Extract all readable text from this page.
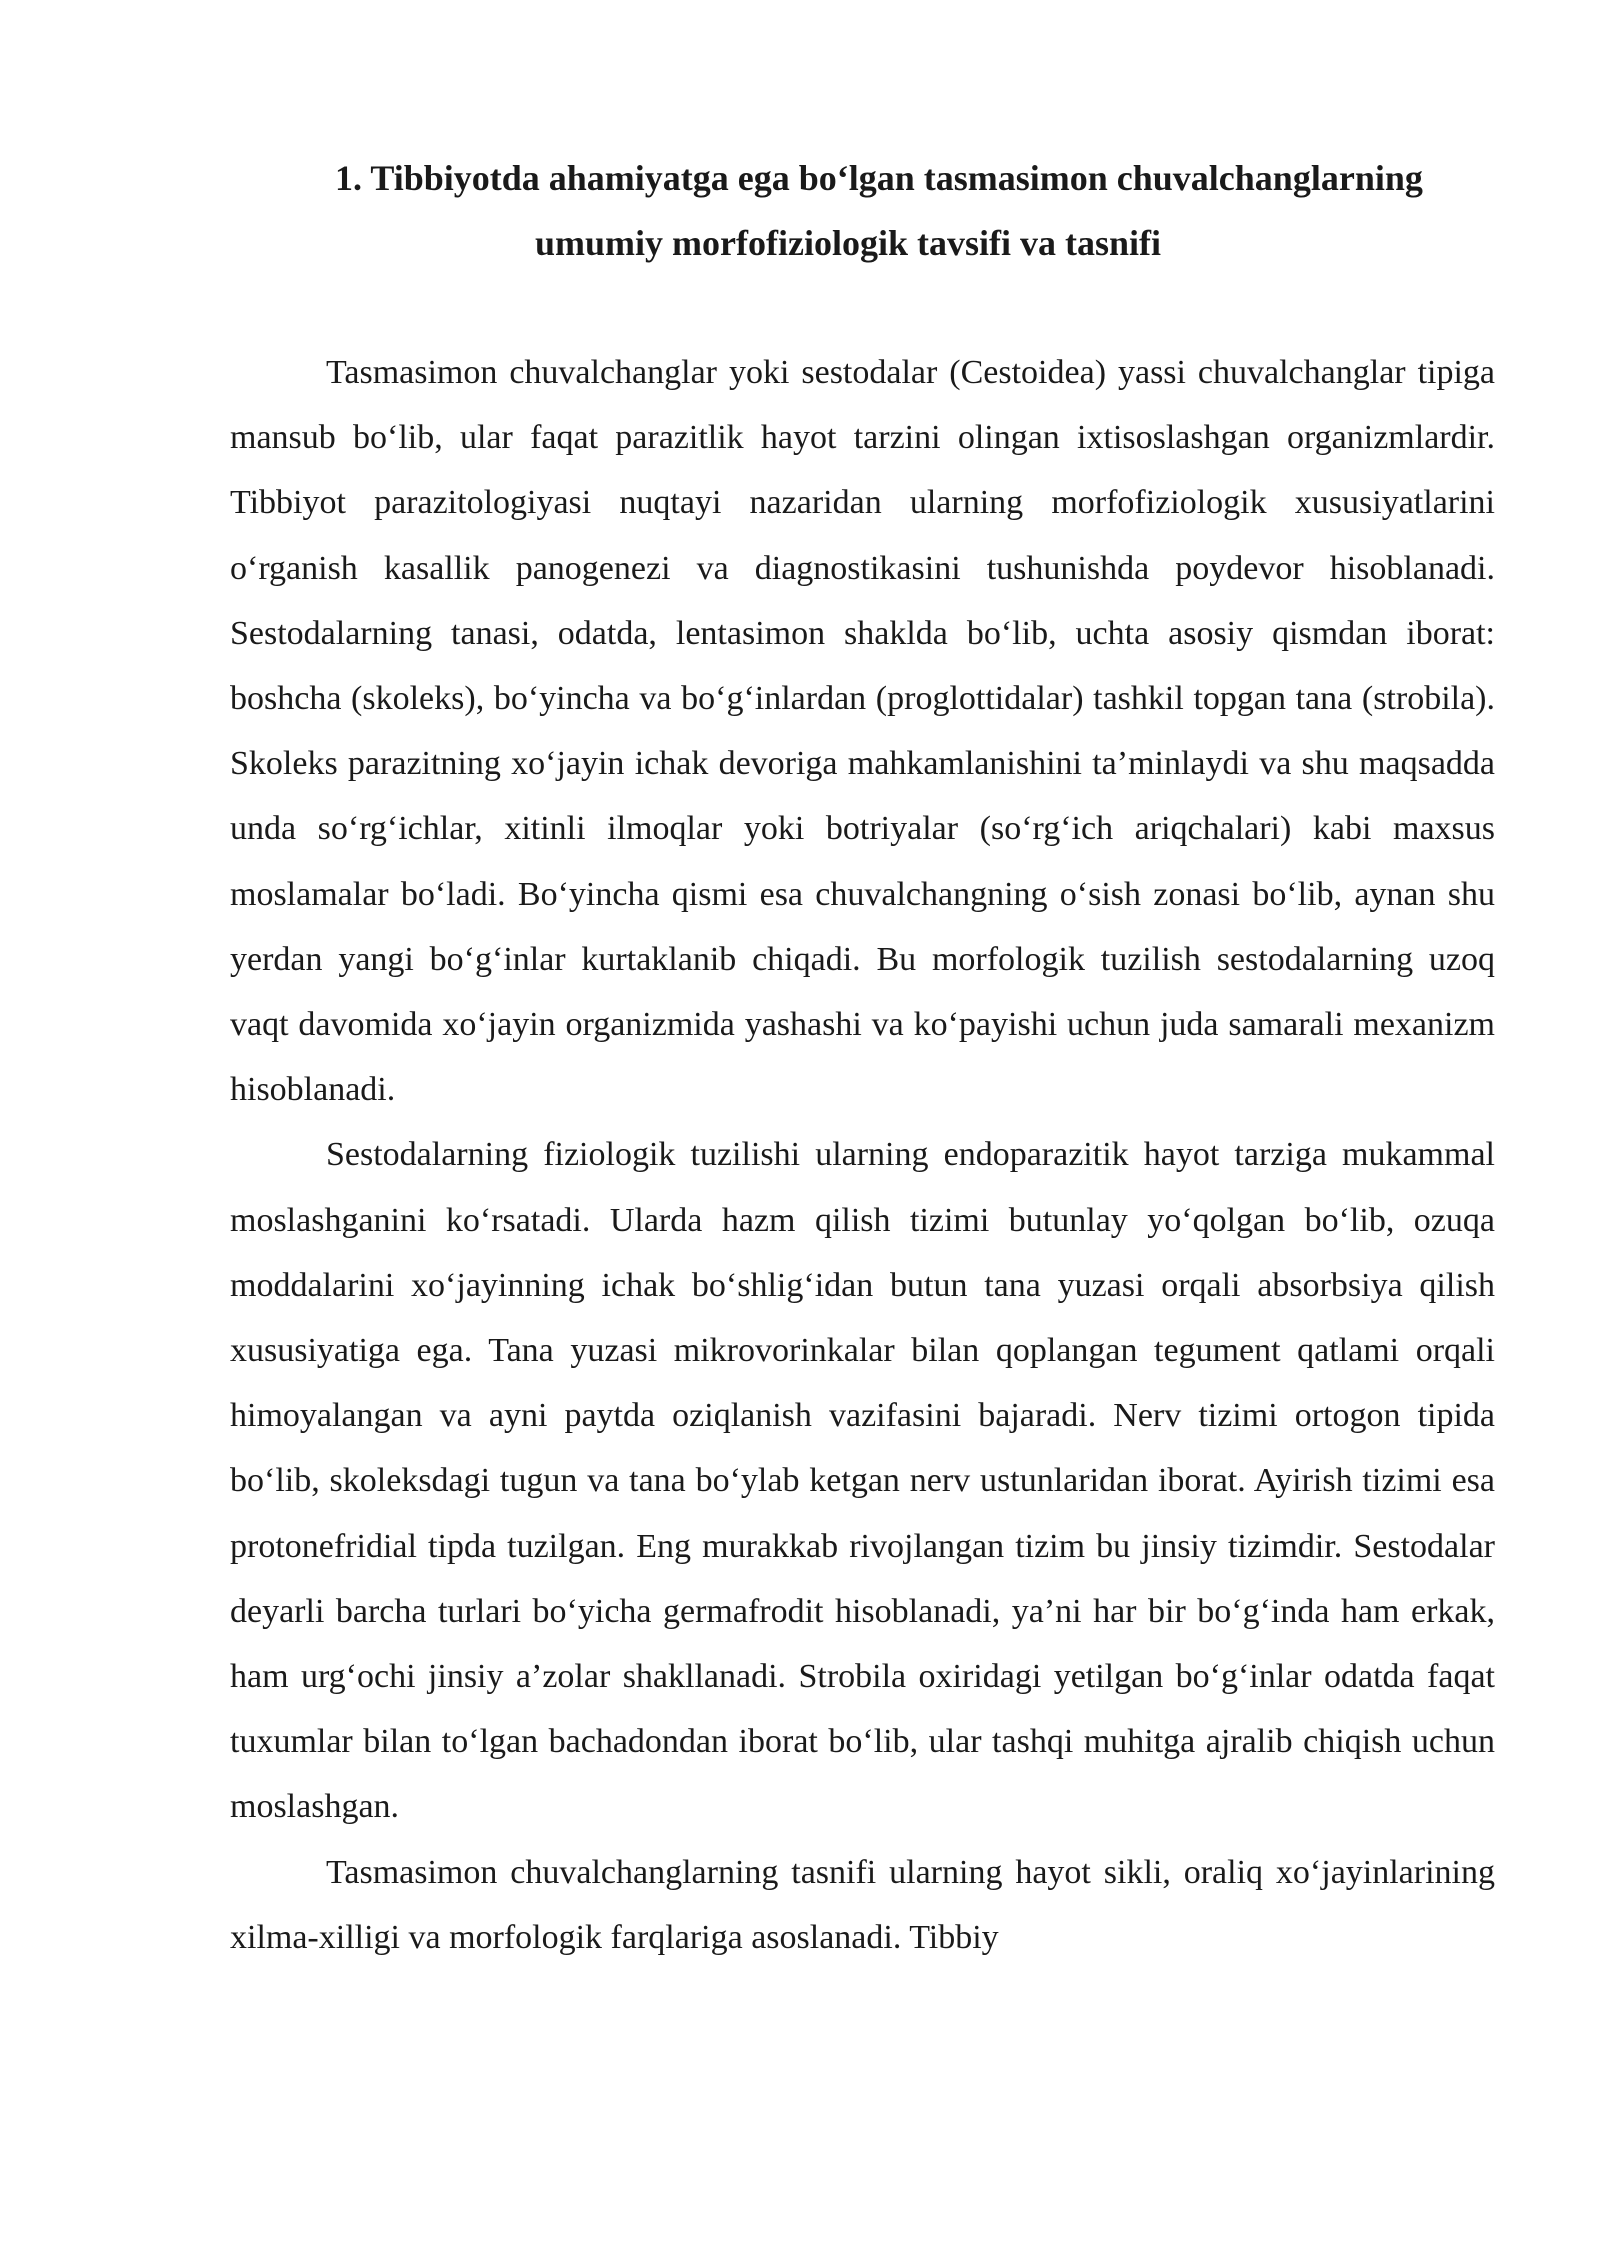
1. Tibbiyotda ahamiyatga ega bo‘lgan tasmasimon chuvalchanglarning
umumiy morfofiziologik tavsifi va tasnifi

Tasmasimon chuvalchanglar yoki sestodalar (Cestoidea) yassi chuvalchanglar tipiga mansub bo‘lib, ular faqat parazitlik hayot tarzini olingan ixtisoslashgan organizmlardir. Tibbiyot parazitologiyasi nuqtayi nazaridan ularning morfofiziologik xususiyatlarini o‘rganish kasallik panogenezi va diagnostikasini tushunishda poydevor hisoblanadi. Sestodalarning tanasi, odatda, lentasimon shaklda bo‘lib, uchta asosiy qismdan iborat: boshcha (skoleks), bo‘yincha va bo‘g‘inlardan (proglottidalar) tashkil topgan tana (strobila). Skoleks parazitning xo‘jayin ichak devoriga mahkamlanishini ta’minlaydi va shu maqsadda unda so‘rg‘ichlar, xitinli ilmoqlar yoki botriyalar (so‘rg‘ich ariqchalari) kabi maxsus moslamalar bo‘ladi. Bo‘yincha qismi esa chuvalchangning o‘sish zonasi bo‘lib, aynan shu yerdan yangi bo‘g‘inlar kurtaklanib chiqadi. Bu morfologik tuzilish sestodalarning uzoq vaqt davomida xo‘jayin organizmida yashashi va ko‘payishi uchun juda samarali mexanizm hisoblanadi.

Sestodalarning fiziologik tuzilishi ularning endoparazitik hayot tarziga mukammal moslashganini ko‘rsatadi. Ularda hazm qilish tizimi butunlay yo‘qolgan bo‘lib, ozuqa moddalarini xo‘jayinning ichak bo‘shlig‘idan butun tana yuzasi orqali absorbsiya qilish xususiyatiga ega. Tana yuzasi mikrovorinkalar bilan qoplangan tegument qatlami orqali himoyalangan va ayni paytda oziqlanish vazifasini bajaradi. Nerv tizimi ortogon tipida bo‘lib, skoleksdagi tugun va tana bo‘ylab ketgan nerv ustunlaridan iborat. Ayirish tizimi esa protonefridial tipda tuzilgan. Eng murakkab rivojlangan tizim bu jinsiy tizimdir. Sestodalar deyarli barcha turlari bo‘yicha germafrodit hisoblanadi, ya’ni har bir bo‘g‘inda ham erkak, ham urg‘ochi jinsiy a’zolar shakllanadi. Strobila oxiridagi yetilgan bo‘g‘inlar odatda faqat tuxumlar bilan to‘lgan bachadondan iborat bo‘lib, ular tashqi muhitga ajralib chiqish uchun moslashgan.

Tasmasimon chuvalchanglarning tasnifi ularning hayot sikli, oraliq xo‘jayinlarining xilma-xilligi va morfologik farqlariga asoslanadi. Tibbiy
